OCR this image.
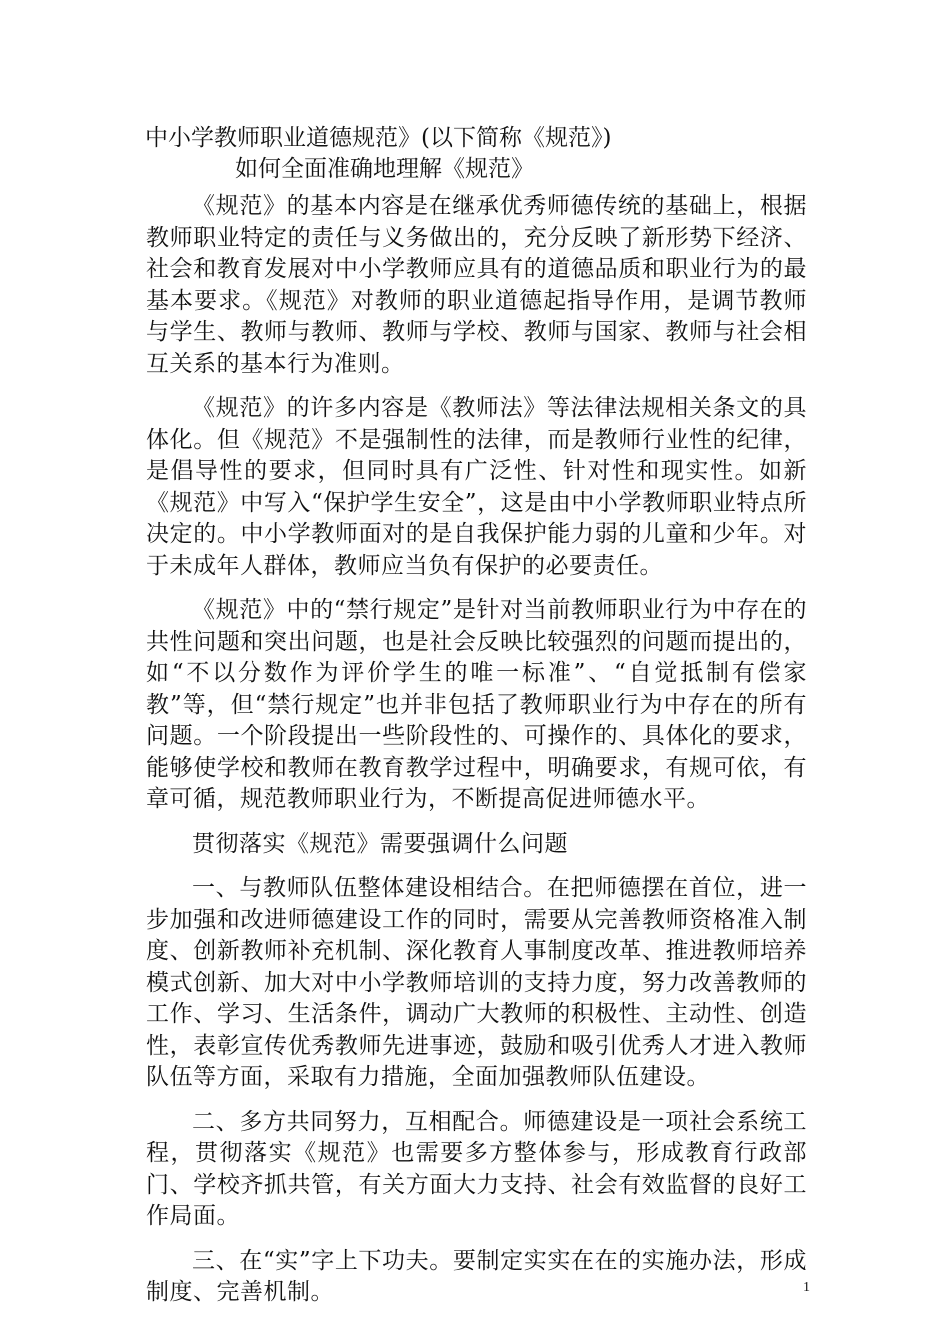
中小学教师职业道德规范》(以下简称《规范》)
如何全面准确地理解《规范》

《规范》的基本内容是在继承优秀师德传统的基础上，根据教师职业特定的责任与义务做出的，充分反映了新形势下经济、社会和教育发展对中小学教师应具有的道德品质和职业行为的最基本要求。《规范》对教师的职业道德起指导作用，是调节教师与学生、教师与教师、教师与学校、教师与国家、教师与社会相互关系的基本行为准则。

《规范》的许多内容是《教师法》等法律法规相关条文的具体化。但《规范》不是强制性的法律，而是教师行业性的纪律，是倡导性的要求，但同时具有广泛性、针对性和现实性。如新《规范》中写入“保护学生安全”，这是由中小学教师职业特点所决定的。中小学教师面对的是自我保护能力弱的儿童和少年。对于未成年人群体，教师应当负有保护的必要责任。

《规范》中的“禁行规定”是针对当前教师职业行为中存在的共性问题和突出问题，也是社会反映比较强烈的问题而提出的，如“不以分数作为评价学生的唯一标准”、“自觉抵制有偿家教”等，但“禁行规定”也并非包括了教师职业行为中存在的所有问题。一个阶段提出一些阶段性的、可操作的、具体化的要求，能够使学校和教师在教育教学过程中，明确要求，有规可依，有章可循，规范教师职业行为，不断提高促进师德水平。

贯彻落实《规范》需要强调什么问题

一、与教师队伍整体建设相结合。在把师德摆在首位，进一步加强和改进师德建设工作的同时，需要从完善教师资格准入制度、创新教师补充机制、深化教育人事制度改革、推进教师培养模式创新、加大对中小学教师培训的支持力度，努力改善教师的工作、学习、生活条件，调动广大教师的积极性、主动性、创造性，表彰宣传优秀教师先进事迹，鼓励和吸引优秀人才进入教师队伍等方面，采取有力措施，全面加强教师队伍建设。

二、多方共同努力，互相配合。师德建设是一项社会系统工程，贯彻落实《规范》也需要多方整体参与，形成教育行政部门、学校齐抓共管，有关方面大力支持、社会有效监督的良好工作局面。

三、在“实”字上下功夫。要制定实实在在的实施办法，形成制度、完善机制。	1
